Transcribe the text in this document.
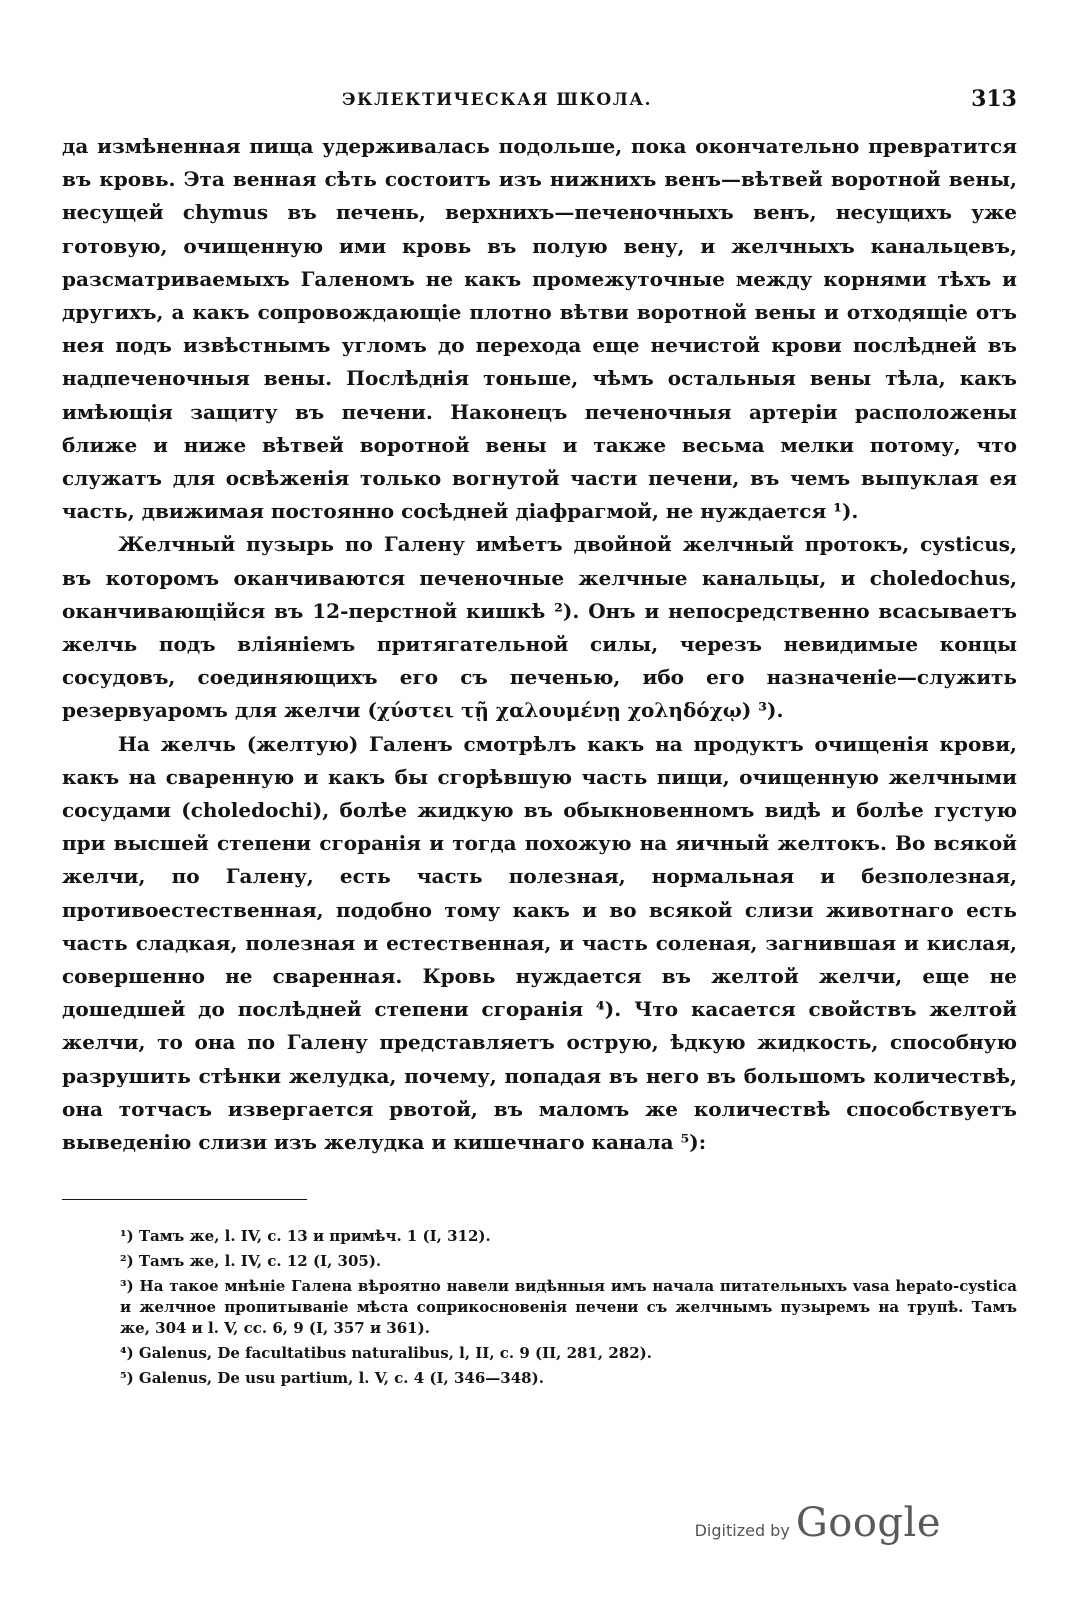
ЭКЛЕКТИЧЕСКАЯ ШКОЛА.	313

да измѣненная пища удерживалась подольше, пока окончательно превратится въ кровь. Эта венная сѣть состоитъ изъ нижнихъ венъ—вѣтвей воротной вены, несущей chymus въ печень, верхнихъ—печеночныхъ венъ, несущихъ уже готовую, очищенную ими кровь въ полую вену, и желчныхъ канальцевъ, разсматриваемыхъ Галеномъ не какъ промежуточные между корнями тѣхъ и другихъ, а какъ сопровождающіе плотно вѣтви воротной вены и отходящіе отъ нея подъ извѣстнымъ угломъ до перехода еще нечистой крови послѣдней въ надпеченочныя вены. Послѣднія тоньше, чѣмъ остальныя вены тѣла, какъ имѣющія защиту въ печени. Наконецъ печеночныя артеріи расположены ближе и ниже вѣтвей воротной вены и также весьма мелки потому, что служатъ для освѣженія только вогнутой части печени, въ чемъ выпуклая ея часть, движимая постоянно сосѣдней діафрагмой, не нуждается ¹).

Желчный пузырь по Галену имѣетъ двойной желчный протокъ, cysticus, въ которомъ оканчиваются печеночные желчные канальцы, и choledochus, оканчивающійся въ 12-перстной кишкѣ ²). Онъ и непосредственно всасываетъ желчь подъ вліяніемъ притягательной силы, черезъ невидимые концы сосудовъ, соединяющихъ его съ печенью, ибо его назначеніе—служить резервуаромъ для желчи (χύστει τῇ χαλουμένῃ χοληδόχῳ) ³).

На желчь (желтую) Галенъ смотрѣлъ какъ на продуктъ очищенія крови, какъ на сваренную и какъ бы сгорѣвшую часть пищи, очищенную желчными сосудами (choledochi), болѣе жидкую въ обыкновенномъ видѣ и болѣе густую при высшей степени сгоранія и тогда похожую на яичный желтокъ. Во всякой желчи, по Галену, есть часть полезная, нормальная и безполезная, противоестественная, подобно тому какъ и во всякой слизи животнаго есть часть сладкая, полезная и естественная, и часть соленая, загнившая и кислая, совершенно не сваренная. Кровь нуждается въ желтой желчи, еще не дошедшей до послѣдней степени сгоранія ⁴). Что касается свойствъ желтой желчи, то она по Галену представляетъ острую, ѣдкую жидкость, способную разрушить стѣнки желудка, почему, попадая въ него въ большомъ количествѣ, она тотчасъ извергается рвотой, въ маломъ же количествѣ способствуетъ выведенію слизи изъ желудка и кишечнаго канала ⁵):

¹) Тамъ же, l. IV, c. 13 и примѣч. 1 (I, 312).

²) Тамъ же, l. IV, c. 12 (I, 305).

³) На такое мнѣніе Галена вѣроятно навели видѣнныя имъ начала питательныхъ vasa hepato-cystica и желчное пропитываніе мѣста соприкосновенія печени съ желчнымъ пузыремъ на трупѣ. Тамъ же, 304 и l. V, cc. 6, 9 (I, 357 и 361).

⁴) Galenus, De facultatibus naturalibus, l, II, c. 9 (II, 281, 282).

⁵) Galenus, De usu partium, l. V, c. 4 (I, 346—348).

Digitized by Google
